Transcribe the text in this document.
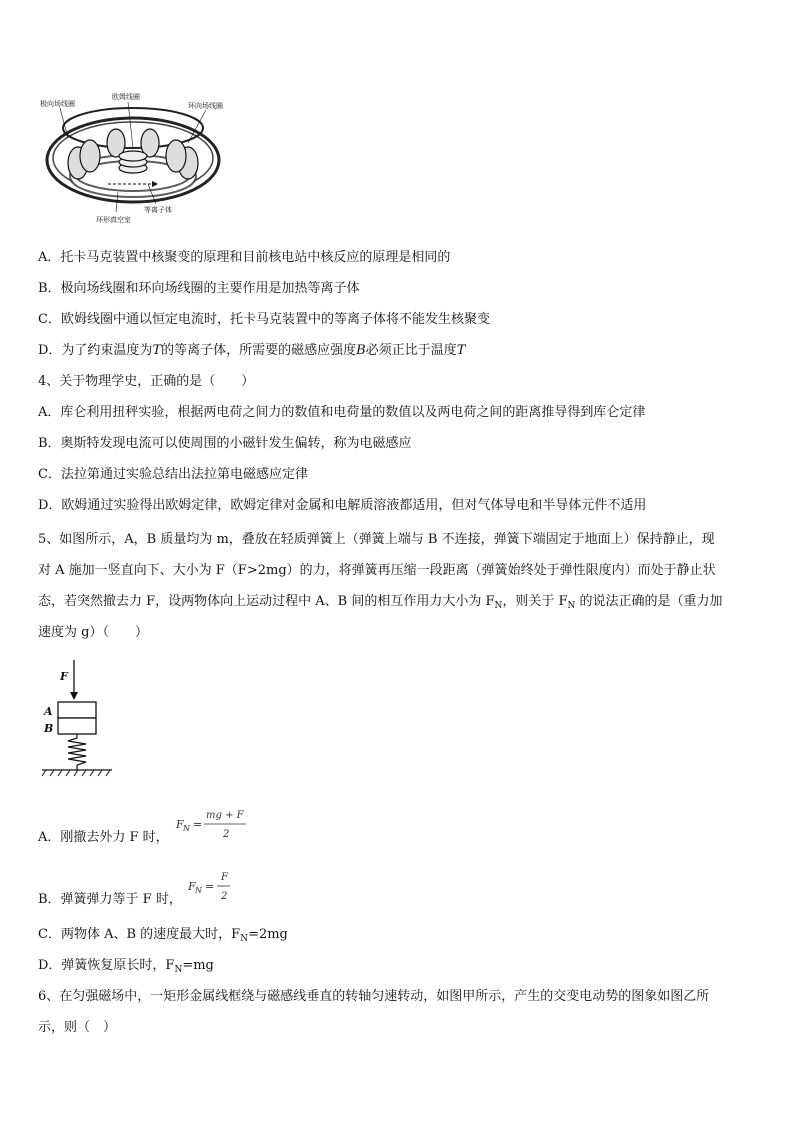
极向场线圈
欧姆线圈
环向场线圈
等离子体
环形真空室
A．托卡马克装置中核聚变的原理和目前核电站中核反应的原理是相同的
B．极向场线圈和环向场线圈的主要作用是加热等离子体
C．欧姆线圈中通以恒定电流时，托卡马克装置中的等离子体将不能发生核聚变
D．为了约束温度为T的等离子体，所需要的磁感应强度B必须正比于温度T
4、关于物理学史，正确的是（　　）
A．库仑利用扭秤实验，根据两电荷之间力的数值和电荷量的数值以及两电荷之间的距离推导得到库仑定律
B．奥斯特发现电流可以使周围的小磁针发生偏转，称为电磁感应
C．法拉第通过实验总结出法拉第电磁感应定律
D．欧姆通过实验得出欧姆定律，欧姆定律对金属和电解质溶液都适用，但对气体导电和半导体元件不适用
5、如图所示，A，B 质量均为 m，叠放在轻质弹簧上（弹簧上端与 B 不连接，弹簧下端固定于地面上）保持静止，现
对 A 施加一竖直向下、大小为 F（F>2mg）的力，将弹簧再压缩一段距离（弹簧始终处于弹性限度内）而处于静止状
态，若突然撤去力 F，设两物体向上运动过程中 A、B 间的相互作用力大小为 $F_N$，则关于 $F_N$ 的说法正确的是（重力加
速度为 g）（　　）
F
A
B
A．刚撤去外力 F 时，
F N =
mg + F
2
B．弹簧弹力等于 F 时，
F N =
F
2
C．两物体 A、B 的速度最大时，$F_N=2mg$
D．弹簧恢复原长时，$F_N=mg$
6、在匀强磁场中，一矩形金属线框绕与磁感线垂直的转轴匀速转动，如图甲所示，产生的交变电动势的图象如图乙所
示，则（　）
